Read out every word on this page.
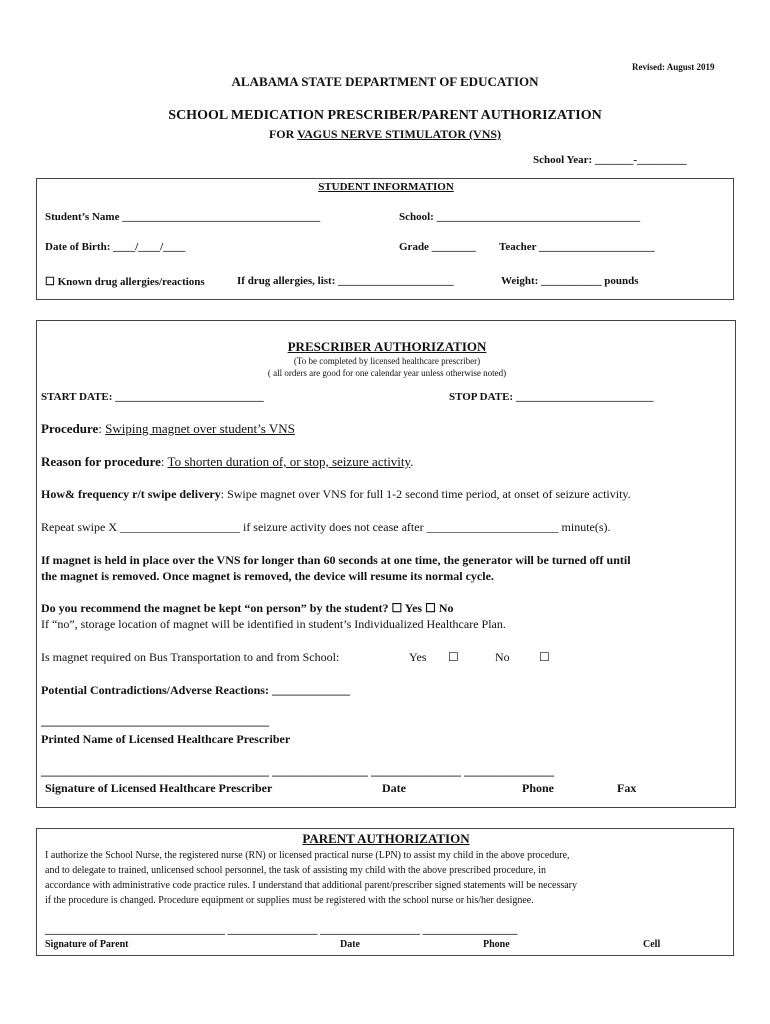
Revised: August 2019
ALABAMA STATE DEPARTMENT OF EDUCATION
SCHOOL MEDICATION PRESCRIBER/PARENT AUTHORIZATION
FOR VAGUS NERVE STIMULATOR (VNS)
School Year: _______-_________
STUDENT INFORMATION
Student’s Name ____________________________________	School: _____________________________________
Date of Birth: ____/____/____	Grade ________ Teacher _____________________
☐ Known drug allergies/reactions	If drug allergies, list: _____________________	Weight: ___________ pounds
PRESCRIBER AUTHORIZATION
(To be completed by licensed healthcare prescriber)
( all orders are good for one calendar year unless otherwise noted)
START DATE: ___________________________	STOP DATE: _________________________
Procedure: Swiping magnet over student’s VNS
Reason for procedure: To shorten duration of, or stop, seizure activity.
How& frequency r/t swipe delivery: Swipe magnet over VNS for full 1-2 second time period, at onset of seizure activity.
Repeat swipe X ____________________ if seizure activity does not cease after ______________________ minute(s).
If magnet is held in place over the VNS for longer than 60 seconds at one time, the generator will be turned off until
the magnet is removed. Once magnet is removed, the device will resume its normal cycle.
Do you recommend the magnet be kept “on person” by the student? ☐ Yes ☐ No
If “no”, storage location of magnet will be identified in student’s Individualized Healthcare Plan.
Is magnet required on Bus Transportation to and from School:	Yes ☐	No ☐
Potential Contradictions/Adverse Reactions: _____________
______________________________________
Printed Name of Licensed Healthcare Prescriber
______________________________________ ________________ _______________ _______________
Signature of Licensed Healthcare Prescriber	Date	Phone	Fax
PARENT AUTHORIZATION
I authorize the School Nurse, the registered nurse (RN) or licensed practical nurse (LPN) to assist my child in the above procedure,
and to delegate to trained, unlicensed school personnel, the task of assisting my child with the above prescribed procedure, in
accordance with administrative code practice rules. I understand that additional parent/prescriber signed statements will be necessary
if the procedure is changed. Procedure equipment or supplies must be registered with the school nurse or his/her designee.
____________________________________ __________________ ____________________ ___________________
Signature of Parent	Date	Phone	Cell
